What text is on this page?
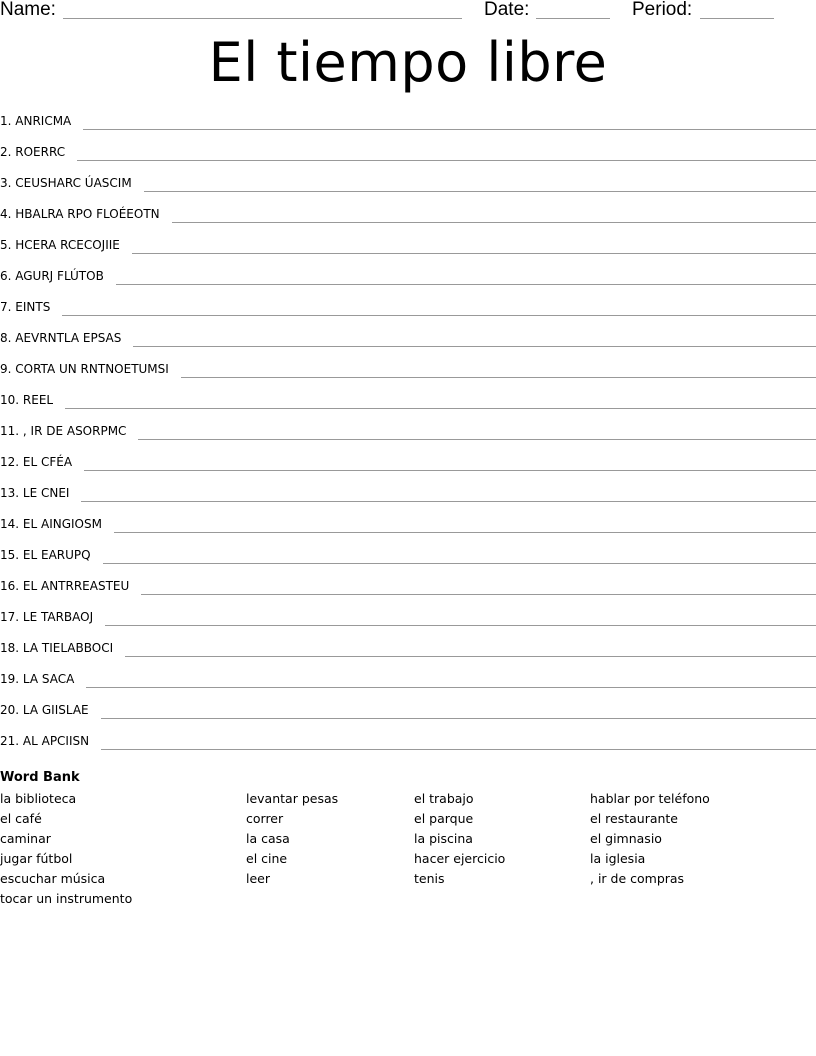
Name:	Date:	Period:
El tiempo libre
1. ANRICMA
2. ROERRC
3. CEUSHARC ÚASCIM
4. HBALRA RPO FLOÉEOTN
5. HCERA RCECOJIIE
6. AGURJ FLÚTOB
7. EINTS
8. AEVRNTLA EPSAS
9. CORTA UN RNTNOETUMSI
10. REEL
11. , IR DE ASORPMC
12. EL CFÉA
13. LE CNEI
14. EL AINGIOSM
15. EL EARUPQ
16. EL ANTRREASTEU
17. LE TARBAOJ
18. LA TIELABBOCI
19. LA SACA
20. LA GIISLAE
21. AL APCIISN
Word Bank
la biblioteca
el café
caminar
jugar fútbol
escuchar música
tocar un instrumento
levantar pesas
correr
la casa
el cine
leer
el trabajo
el parque
la piscina
hacer ejercicio
tenis
hablar por teléfono
el restaurante
el gimnasio
la iglesia
, ir de compras
